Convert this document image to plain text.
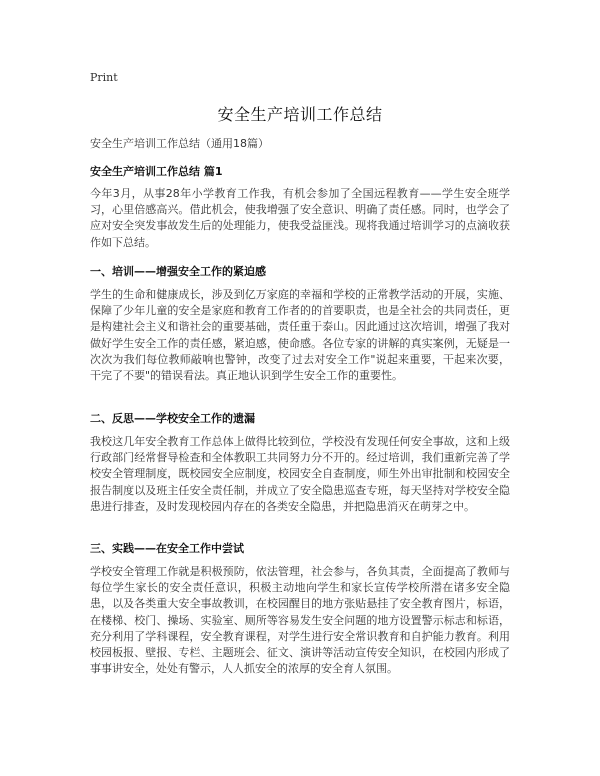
Print
安全生产培训工作总结
安全生产培训工作总结（通用18篇）
安全生产培训工作总结 篇1

今年3月，从事28年小学教育工作我，有机会参加了全国远程教育——学生安全班学习，心里倍感高兴。借此机会，使我增强了安全意识、明确了责任感。同时，也学会了应对安全突发事故发生后的处理能力，使我受益匪浅。现将我通过培训学习的点滴收获作如下总结。

一、培训——增强安全工作的紧迫感

学生的生命和健康成长，涉及到亿万家庭的幸福和学校的正常教学活动的开展，实施、保障了少年儿童的安全是家庭和教育工作者的的首要职责，也是全社会的共同责任，更是构建社会主义和谐社会的重要基础，责任重于泰山。因此通过这次培训，增强了我对做好学生安全工作的责任感，紧迫感，使命感。各位专家的讲解的真实案例，无疑是一次次为我们每位教师敲响也警钟，改变了过去对安全工作"说起来重要，干起来次要，干完了不要"的错误看法。真正地认识到学生安全工作的重要性。

二、反思——学校安全工作的遗漏

我校这几年安全教育工作总体上做得比较到位，学校没有发现任何安全事故，这和上级行政部门经常督导检查和全体教职工共同努力分不开的。经过培训，我们重新完善了学校安全管理制度，既校园安全应制度，校园安全自查制度，师生外出审批制和校园安全报告制度以及班主任安全责任制，并成立了安全隐患巡查专班，每天坚持对学校安全隐患进行排查，及时发现校园内存在的各类安全隐患，并把隐患消灭在萌芽之中。

三、实践——在安全工作中尝试

学校安全管理工作就是积极预防，依法管理，社会参与，各负其责，全面提高了教师与每位学生家长的安全责任意识，积极主动地向学生和家长宣传学校所潜在诸多安全隐患，以及各类重大安全事故教训，在校园醒目的地方张贴悬挂了安全教育图片，标语，在楼梯、校门、操场、实验室、厕所等容易发生安全问题的地方设置警示标志和标语，充分利用了学科课程，安全教育课程，对学生进行安全常识教育和自护能力教育。利用校园板报、壁报、专栏、主题班会、征文、演讲等活动宣传安全知识，在校园内形成了事事讲安全，处处有警示，人人抓安全的浓厚的安全育人氛围。
